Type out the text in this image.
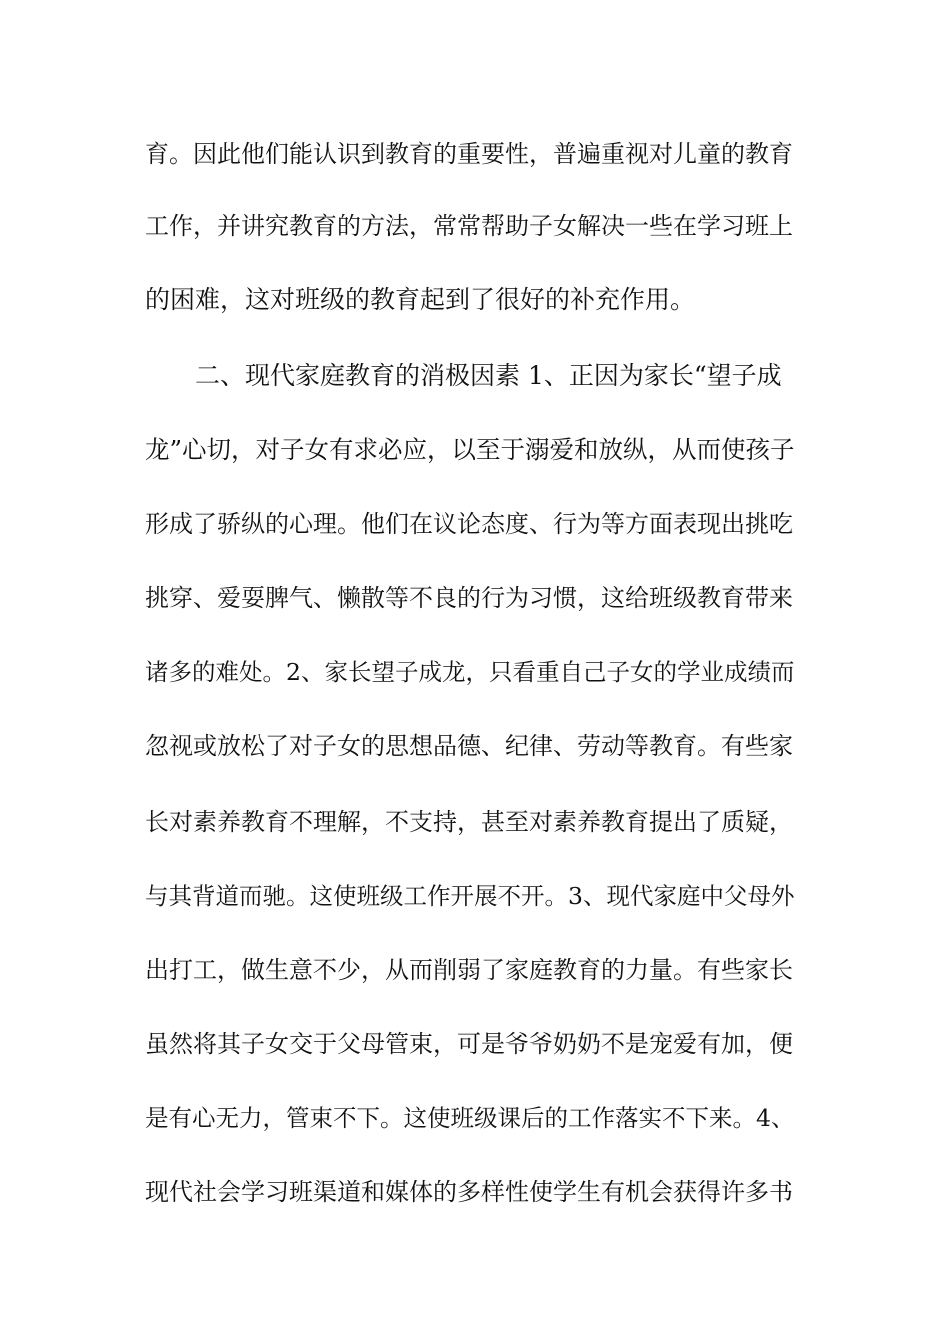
育。因此他们能认识到教育的重要性，普遍重视对儿童的教育
工作，并讲究教育的方法，常常帮助子女解决一些在学习班上
的困难，这对班级的教育起到了很好的补充作用。
二、现代家庭教育的消极因素 1、正因为家长“望子成
龙”心切，对子女有求必应，以至于溺爱和放纵，从而使孩子
形成了骄纵的心理。他们在议论态度、行为等方面表现出挑吃
挑穿、爱耍脾气、懒散等不良的行为习惯，这给班级教育带来
诸多的难处。2、家长望子成龙，只看重自己子女的学业成绩而
忽视或放松了对子女的思想品德、纪律、劳动等教育。有些家
长对素养教育不理解，不支持，甚至对素养教育提出了质疑，
与其背道而驰。这使班级工作开展不开。3、现代家庭中父母外
出打工，做生意不少，从而削弱了家庭教育的力量。有些家长
虽然将其子女交于父母管束，可是爷爷奶奶不是宠爱有加，便
是有心无力，管束不下。这使班级课后的工作落实不下来。4、
现代社会学习班渠道和媒体的多样性使学生有机会获得许多书
